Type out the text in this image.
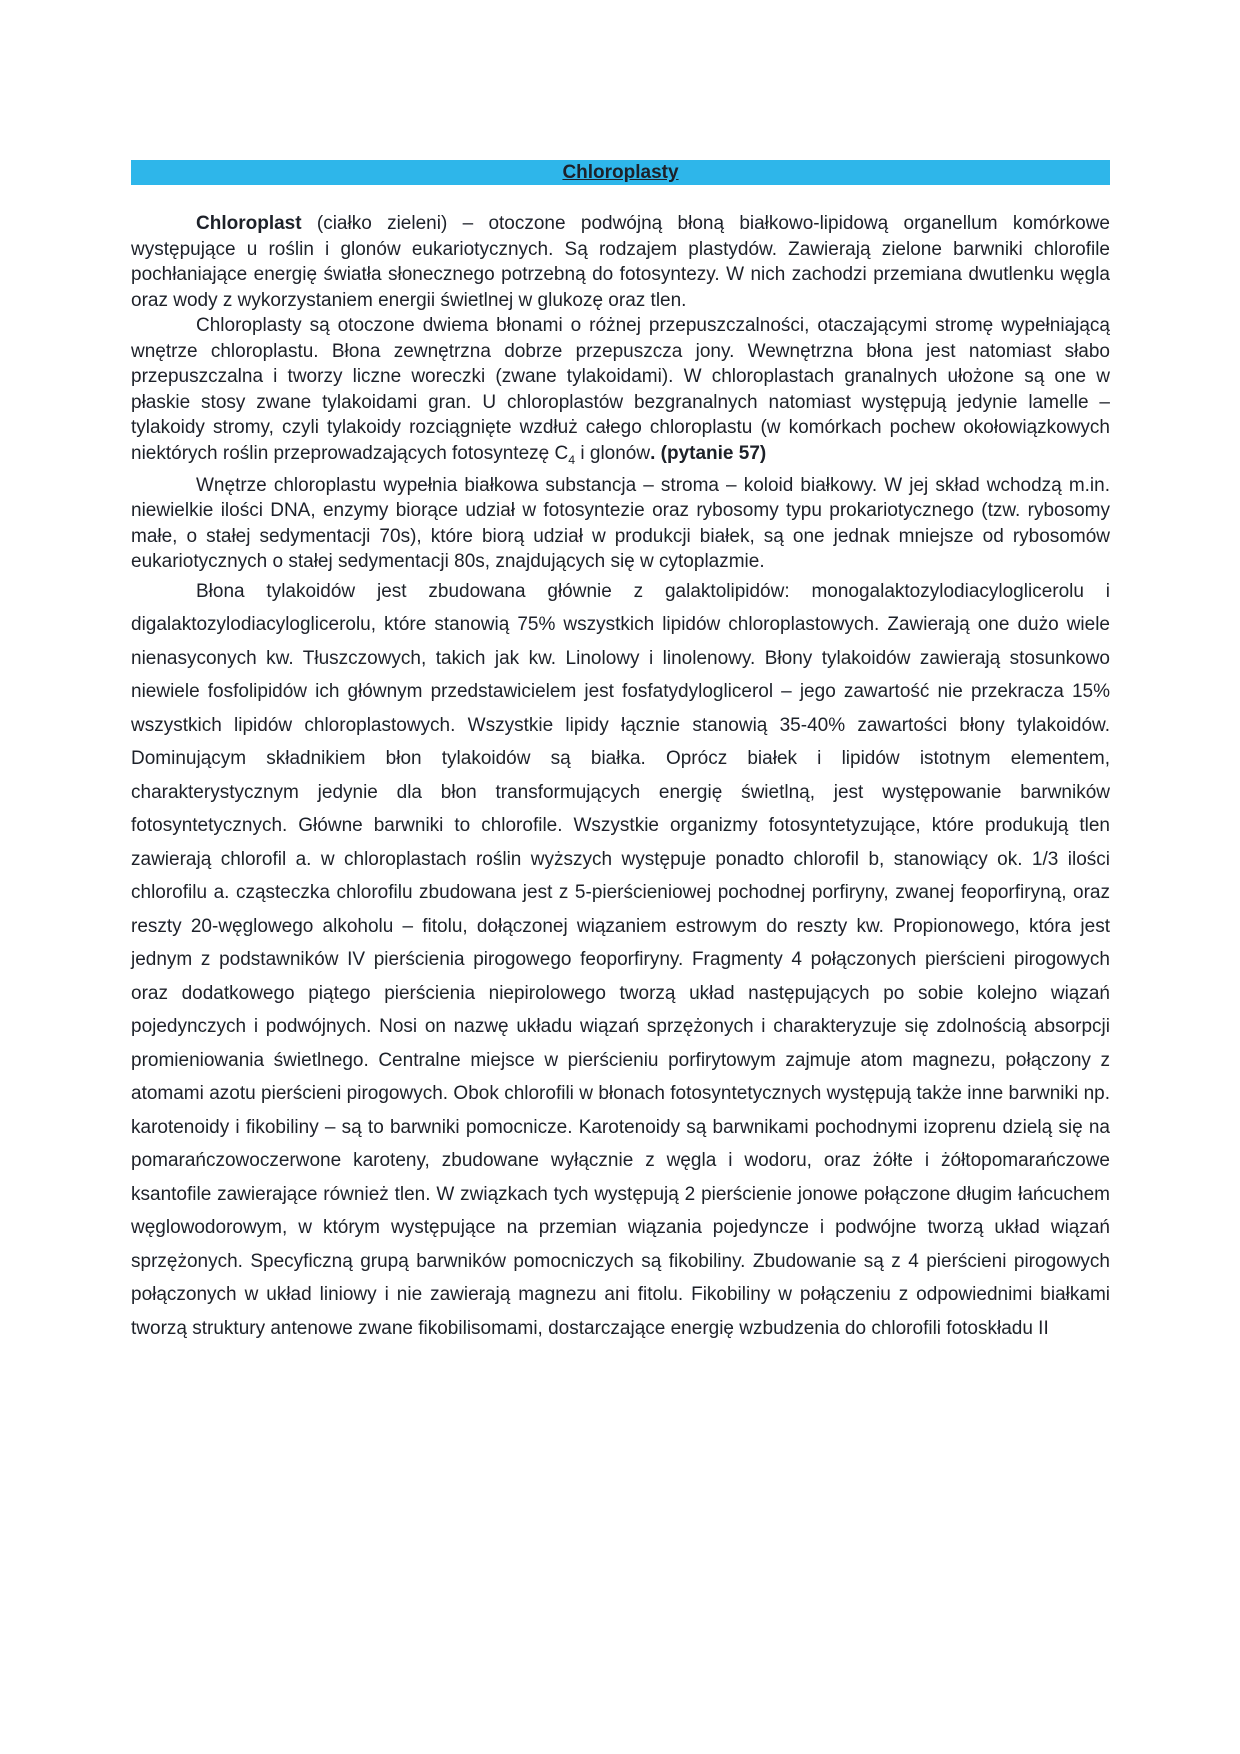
Chloroplasty

Chloroplast (ciałko zieleni) – otoczone podwójną błoną białkowo-lipidową organellum komórkowe występujące u roślin i glonów eukariotycznych. Są rodzajem plastydów. Zawierają zielone barwniki chlorofile pochłaniające energię światła słonecznego potrzebną do fotosyntezy. W nich zachodzi przemiana dwutlenku węgla oraz wody z wykorzystaniem energii świetlnej w glukozę oraz tlen.

Chloroplasty są otoczone dwiema błonami o różnej przepuszczalności, otaczającymi stromę wypełniającą wnętrze chloroplastu. Błona zewnętrzna dobrze przepuszcza jony. Wewnętrzna błona jest natomiast słabo przepuszczalna i tworzy liczne woreczki (zwane tylakoidami). W chloroplastach granalnych ułożone są one w płaskie stosy zwane tylakoidami gran. U chloroplastów bezgranalnych natomiast występują jedynie lamelle – tylakoidy stromy, czyli tylakoidy rozciągnięte wzdłuż całego chloroplastu (w komórkach pochew okołowiązkowych niektórych roślin przeprowadzających fotosyntezę $C_4$ i glonów. (pytanie 57)

Wnętrze chloroplastu wypełnia białkowa substancja – stroma – koloid białkowy. W jej skład wchodzą m.in. niewielkie ilości DNA, enzymy biorące udział w fotosyntezie oraz rybosomy typu prokariotycznego (tzw. rybosomy małe, o stałej sedymentacji 70s), które biorą udział w produkcji białek, są one jednak mniejsze od rybosomów eukariotycznych o stałej sedymentacji 80s, znajdujących się w cytoplazmie.

Błona tylakoidów jest zbudowana głównie z galaktolipidów: monogalaktozylodiacyloglicerolu i digalaktozylodiacyloglicerolu, które stanowią 75% wszystkich lipidów chloroplastowych. Zawierają one dużo wiele nienasyconych kw. Tłuszczowych, takich jak kw. Linolowy i linolenowy. Błony tylakoidów zawierają stosunkowo niewiele fosfolipidów ich głównym przedstawicielem jest fosfatydyloglicerol – jego zawartość nie przekracza 15% wszystkich lipidów chloroplastowych. Wszystkie lipidy łącznie stanowią 35-40% zawartości błony tylakoidów. Dominującym składnikiem błon tylakoidów są białka. Oprócz białek i lipidów istotnym elementem, charakterystycznym jedynie dla błon transformujących energię świetlną, jest występowanie barwników fotosyntetycznych. Główne barwniki to chlorofile. Wszystkie organizmy fotosyntetyzujące, które produkują tlen zawierają chlorofil a. w chloroplastach roślin wyższych występuje ponadto chlorofil b, stanowiący ok. 1/3 ilości chlorofilu a. cząsteczka chlorofilu zbudowana jest z 5-pierścieniowej pochodnej porfiryny, zwanej feoporfiryną, oraz reszty 20-węglowego alkoholu – fitolu, dołączonej wiązaniem estrowym do reszty kw. Propionowego, która jest jednym z podstawników IV pierścienia pirogowego feoporfiryny. Fragmenty 4 połączonych pierścieni pirogowych oraz dodatkowego piątego pierścienia niepirolowego tworzą układ następujących po sobie kolejno wiązań pojedynczych i podwójnych. Nosi on nazwę układu wiązań sprzężonych i charakteryzuje się zdolnością absorpcji promieniowania świetlnego. Centralne miejsce w pierścieniu porfirytowym zajmuje atom magnezu, połączony z atomami azotu pierścieni pirogowych. Obok chlorofili w błonach fotosyntetycznych występują także inne barwniki np. karotenoidy i fikobiliny – są to barwniki pomocnicze. Karotenoidy są barwnikami pochodnymi izoprenu dzielą się na pomarańczowoczerwone karoteny, zbudowane wyłącznie z węgla i wodoru, oraz żółte i żółtopomarańczowe ksantofile zawierające również tlen. W związkach tych występują 2 pierścienie jonowe połączone długim łańcuchem węglowodorowym, w którym występujące na przemian wiązania pojedyncze i podwójne tworzą układ wiązań sprzężonych. Specyficzną grupą barwników pomocniczych są fikobiliny. Zbudowanie są z 4 pierścieni pirogowych połączonych w układ liniowy i nie zawierają magnezu ani fitolu. Fikobiliny w połączeniu z odpowiednimi białkami tworzą struktury antenowe zwane fikobilisomami, dostarczające energię wzbudzenia do chlorofili fotoskładu II
